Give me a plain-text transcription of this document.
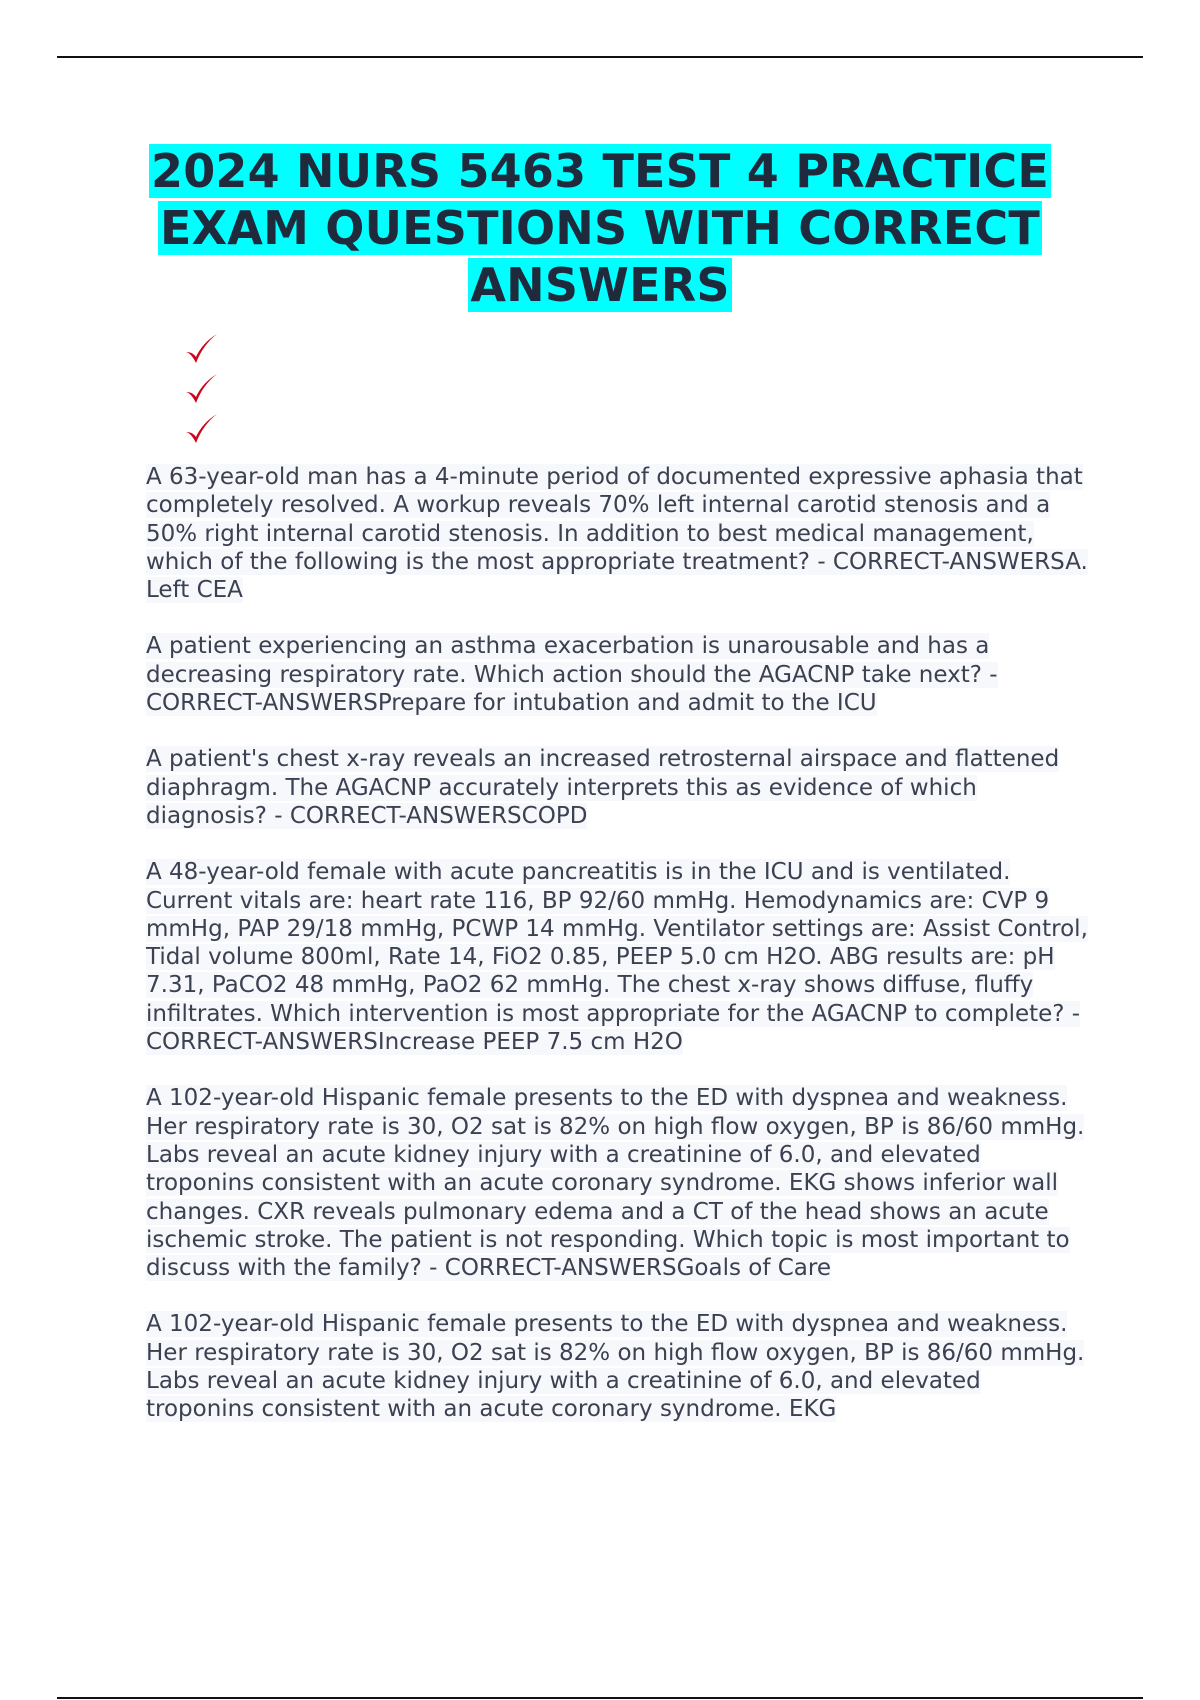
2024 NURS 5463 TEST 4 PRACTICE
EXAM QUESTIONS WITH CORRECT
ANSWERS

A 63-year-old man has a 4-minute period of documented expressive aphasia that completely resolved. A workup reveals 70% left internal carotid stenosis and a 50% right internal carotid stenosis. In addition to best medical management, which of the following is the most appropriate treatment? - CORRECT-ANSWERSA. Left CEA

A patient experiencing an asthma exacerbation is unarousable and has a decreasing respiratory rate. Which action should the AGACNP take next? - CORRECT-ANSWERSPrepare for intubation and admit to the ICU

A patient's chest x-ray reveals an increased retrosternal airspace and flattened diaphragm. The AGACNP accurately interprets this as evidence of which diagnosis? - CORRECT-ANSWERSCOPD

A 48-year-old female with acute pancreatitis is in the ICU and is ventilated. Current vitals are: heart rate 116, BP 92/60 mmHg. Hemodynamics are: CVP 9 mmHg, PAP 29/18 mmHg, PCWP 14 mmHg. Ventilator settings are: Assist Control, Tidal volume 800ml, Rate 14, FiO2 0.85, PEEP 5.0 cm H2O. ABG results are: pH 7.31, PaCO2 48 mmHg, PaO2 62 mmHg. The chest x-ray shows diffuse, fluffy infiltrates. Which intervention is most appropriate for the AGACNP to complete? - CORRECT-ANSWERSIncrease PEEP 7.5 cm H2O

A 102-year-old Hispanic female presents to the ED with dyspnea and weakness. Her respiratory rate is 30, O2 sat is 82% on high flow oxygen, BP is 86/60 mmHg. Labs reveal an acute kidney injury with a creatinine of 6.0, and elevated troponins consistent with an acute coronary syndrome. EKG shows inferior wall changes. CXR reveals pulmonary edema and a CT of the head shows an acute ischemic stroke. The patient is not responding. Which topic is most important to discuss with the family? - CORRECT-ANSWERSGoals of Care

A 102-year-old Hispanic female presents to the ED with dyspnea and weakness. Her respiratory rate is 30, O2 sat is 82% on high flow oxygen, BP is 86/60 mmHg. Labs reveal an acute kidney injury with a creatinine of 6.0, and elevated troponins consistent with an acute coronary syndrome. EKG
